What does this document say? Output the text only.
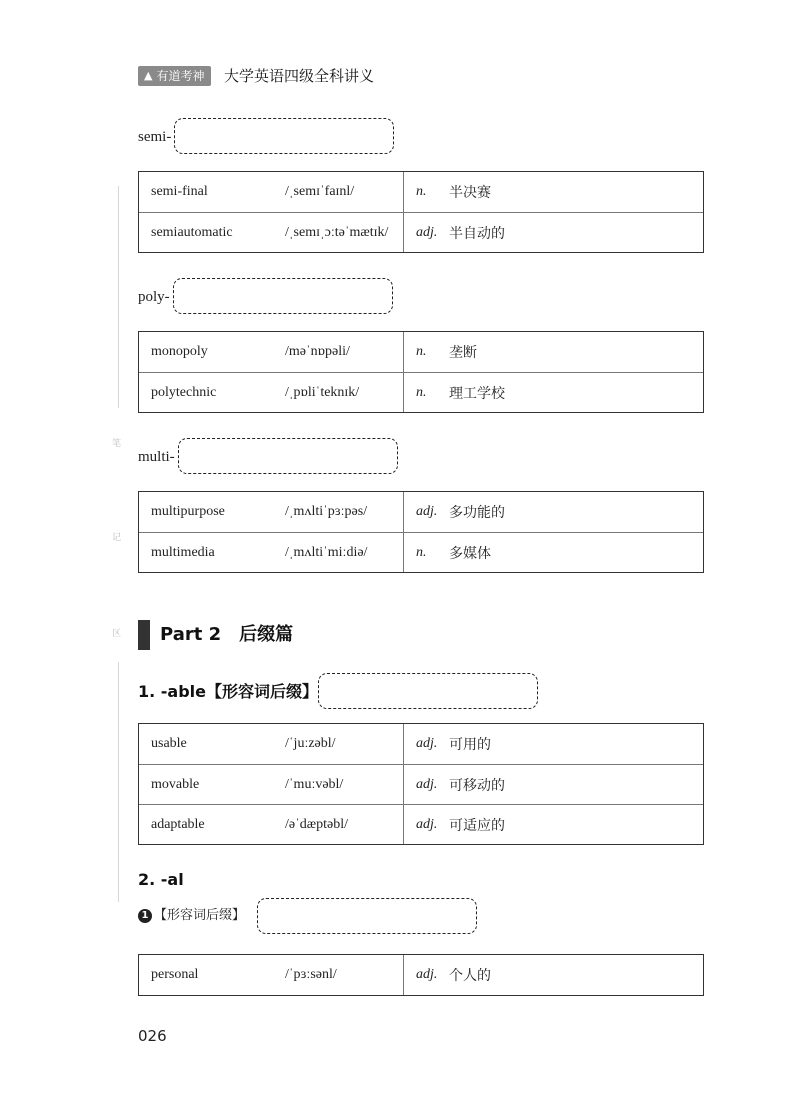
▲ 有道考神 大学英语四级全科讲义
笔
记
区
semi-
semi-final	/ˌsemɪˈfaɪnl/	n. 半决赛
semiautomatic	/ˌsemɪˌɔːtəˈmætɪk/ adj. 半自动的
poly-
monopoly	/məˈnɒpəli/	n. 垄断
polytechnic	/ˌpɒliˈteknɪk/	n. 理工学校
multi-
multipurpose	/ˌmʌltiˈpɜːpəs/	adj. 多功能的
multimedia	/ˌmʌltiˈmiːdiə/	n. 多媒体
Part 2　后缀篇
1. -able【形容词后缀】
usable	/ˈjuːzəbl/	adj. 可用的
movable	/ˈmuːvəbl/	adj. 可移动的
adaptable	/əˈdæptəbl/	adj. 可适应的
2. -al
1 【形容词后缀】
personal	/ˈpɜːsənl/	adj. 个人的
026
